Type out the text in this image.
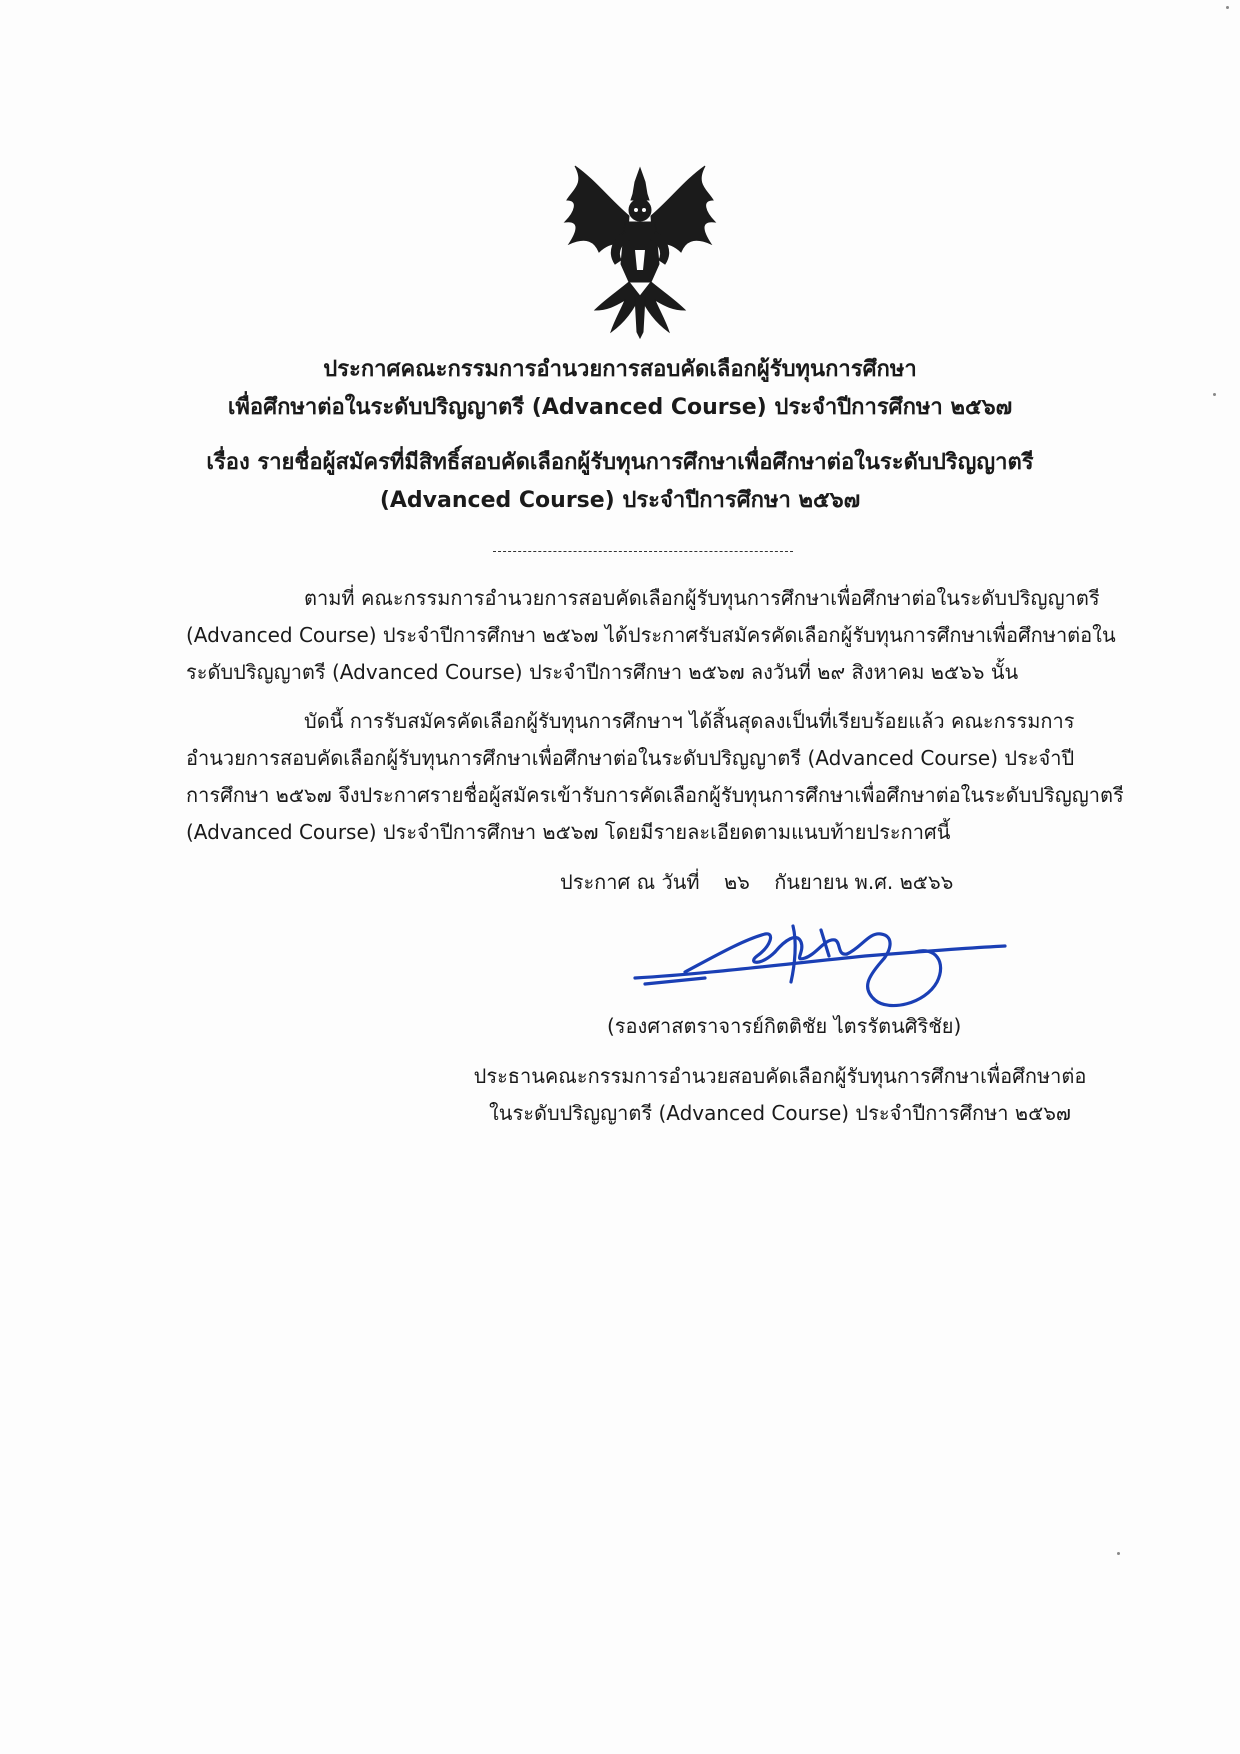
ประกาศคณะกรรมการอำนวยการสอบคัดเลือกผู้รับทุนการศึกษา
เพื่อศึกษาต่อในระดับปริญญาตรี (Advanced Course) ประจำปีการศึกษา ๒๕๖๗
เรื่อง รายชื่อผู้สมัครที่มีสิทธิ์สอบคัดเลือกผู้รับทุนการศึกษาเพื่อศึกษาต่อในระดับปริญญาตรี
(Advanced Course) ประจำปีการศึกษา ๒๕๖๗
ตามที่ คณะกรรมการอำนวยการสอบคัดเลือกผู้รับทุนการศึกษาเพื่อศึกษาต่อในระดับปริญญาตรี
(Advanced Course) ประจำปีการศึกษา ๒๕๖๗ ได้ประกาศรับสมัครคัดเลือกผู้รับทุนการศึกษาเพื่อศึกษาต่อใน
ระดับปริญญาตรี (Advanced Course) ประจำปีการศึกษา ๒๕๖๗ ลงวันที่ ๒๙ สิงหาคม ๒๕๖๖ นั้น
บัดนี้ การรับสมัครคัดเลือกผู้รับทุนการศึกษาฯ ได้สิ้นสุดลงเป็นที่เรียบร้อยแล้ว คณะกรรมการ
อำนวยการสอบคัดเลือกผู้รับทุนการศึกษาเพื่อศึกษาต่อในระดับปริญญาตรี (Advanced Course) ประจำปี
การศึกษา ๒๕๖๗ จึงประกาศรายชื่อผู้สมัครเข้ารับการคัดเลือกผู้รับทุนการศึกษาเพื่อศึกษาต่อในระดับปริญญาตรี
(Advanced Course) ประจำปีการศึกษา ๒๕๖๗ โดยมีรายละเอียดตามแนบท้ายประกาศนี้
ประกาศ ณ วันที่ ๒๖ กันยายน พ.ศ. ๒๕๖๖
(รองศาสตราจารย์กิตติชัย ไตรรัตนศิริชัย)
ประธานคณะกรรมการอำนวยสอบคัดเลือกผู้รับทุนการศึกษาเพื่อศึกษาต่อ
ในระดับปริญญาตรี (Advanced Course) ประจำปีการศึกษา ๒๕๖๗
